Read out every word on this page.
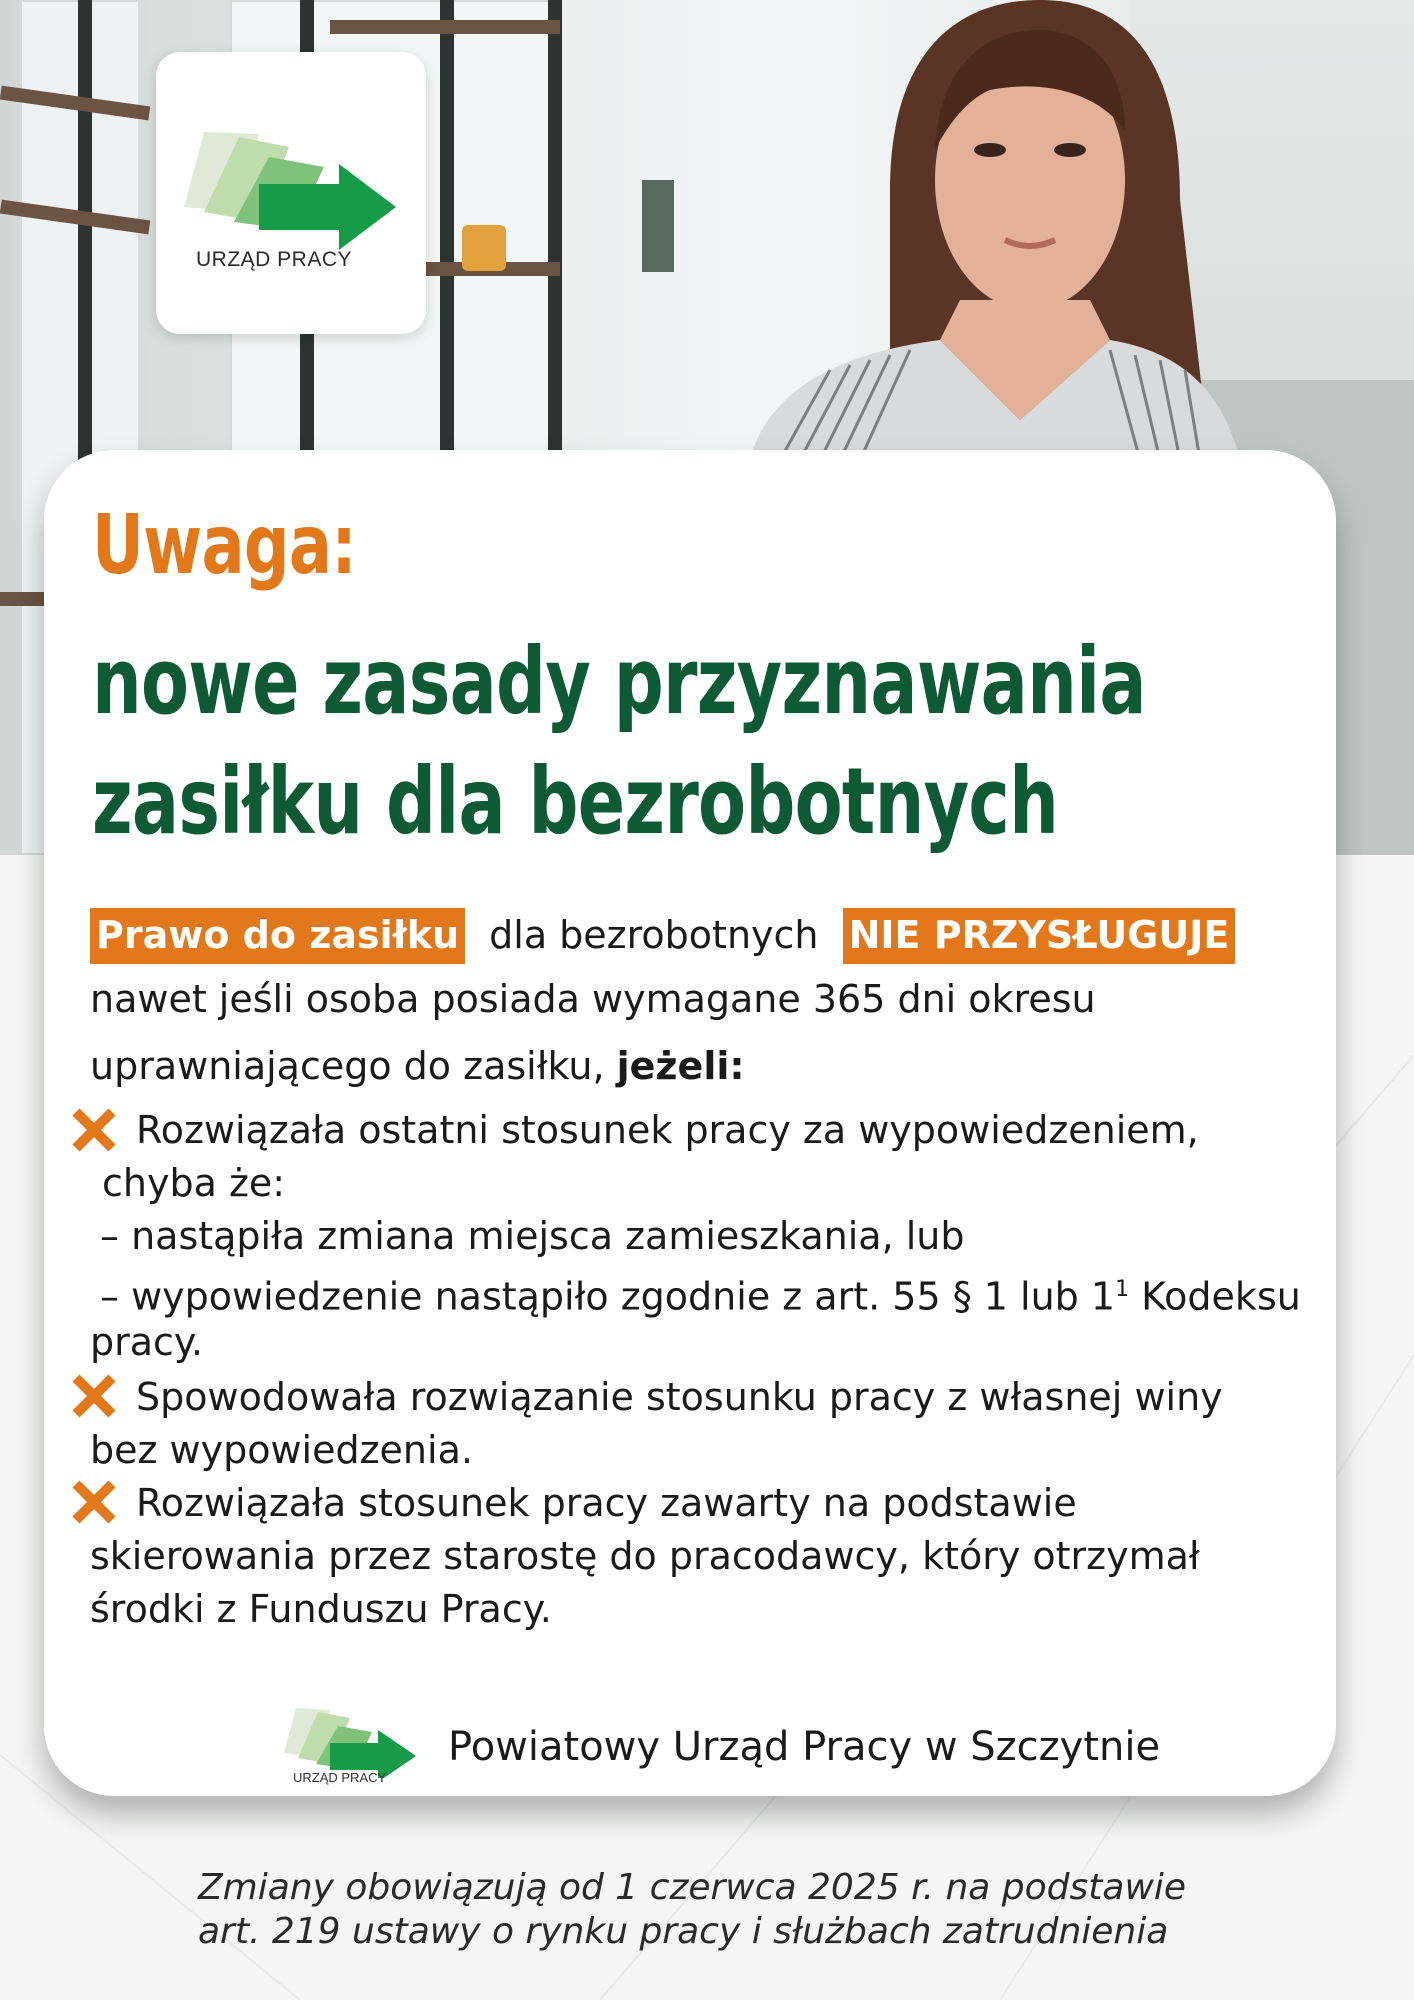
URZĄD PRACY
Uwaga:
nowe zasady przyznawania
zasiłku dla bezrobotnych
Prawo do zasiłku dla bezrobotnych NIE PRZYSŁUGUJE
nawet jeśli osoba posiada wymagane 365 dni okresu
uprawniającego do zasiłku, jeżeli:
Rozwiązała ostatni stosunek pracy za wypowiedzeniem,
chyba że:
– nastąpiła zmiana miejsca zamieszkania, lub
– wypowiedzenie nastąpiło zgodnie z art. 55 § 1 lub $1^1$ Kodeksu
pracy.
Spowodowała rozwiązanie stosunku pracy z własnej winy
bez wypowiedzenia.
Rozwiązała stosunek pracy zawarty na podstawie
skierowania przez starostę do pracodawcy, który otrzymał
środki z Funduszu Pracy.
URZĄD PRACY
Powiatowy Urząd Pracy w Szczytnie
Zmiany obowiązują od 1 czerwca 2025 r. na podstawie
art. 219 ustawy o rynku pracy i służbach zatrudnienia
